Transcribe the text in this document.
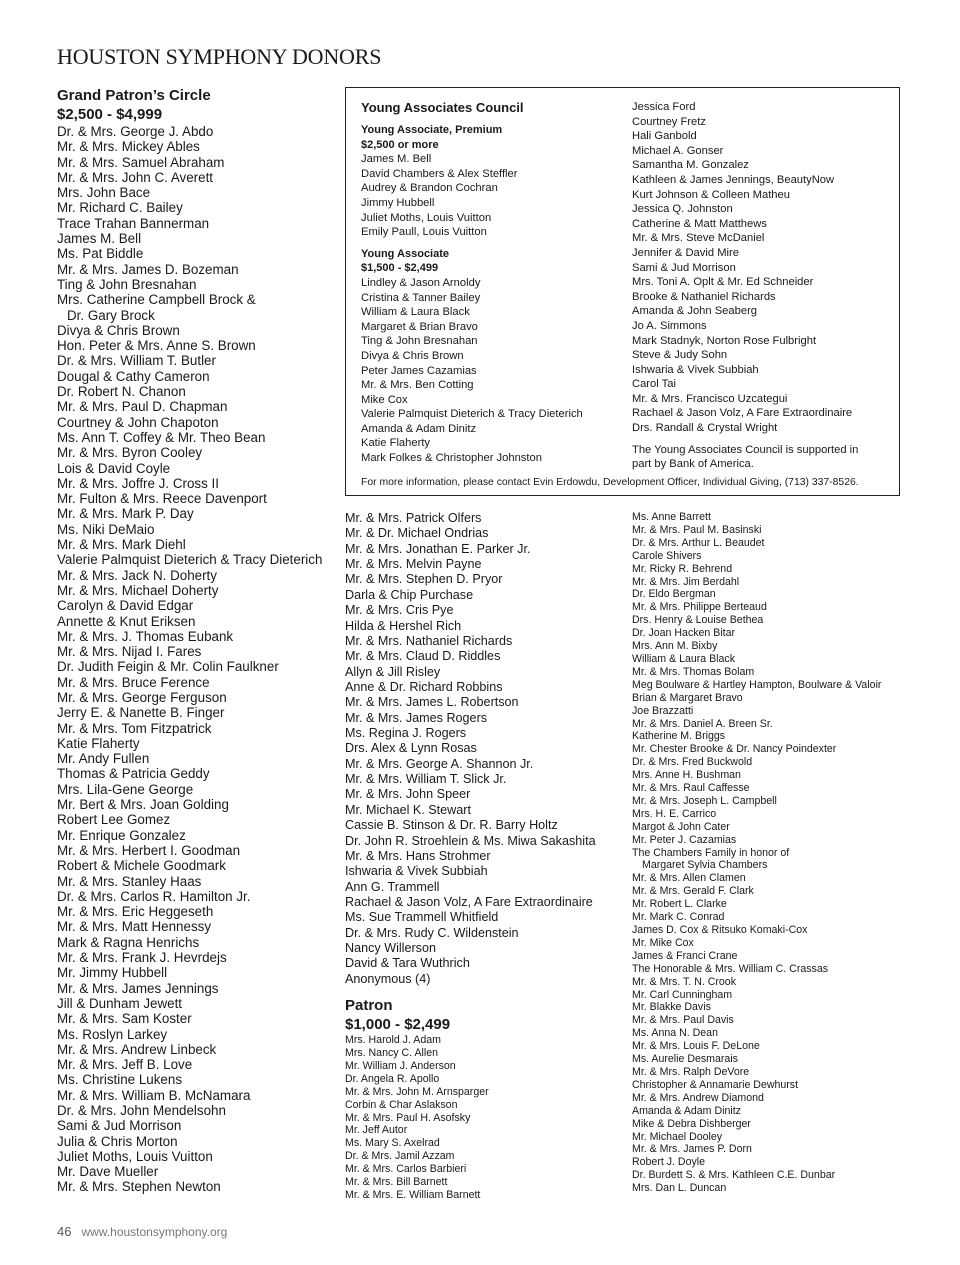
HOUSTON SYMPHONY DONORS
Grand Patron’s Circle
$2,500 - $4,999
Dr. & Mrs. George J. Abdo
Mr. & Mrs. Mickey Ables
Mr. & Mrs. Samuel Abraham
Mr. & Mrs. John C. Averett
Mrs. John Bace
Mr. Richard C. Bailey
Trace Trahan Bannerman
James M. Bell
Ms. Pat Biddle
Mr. & Mrs. James D. Bozeman
Ting & John Bresnahan
Mrs. Catherine Campbell Brock &
Dr. Gary Brock
Divya & Chris Brown
Hon. Peter & Mrs. Anne S. Brown
Dr. & Mrs. William T. Butler
Dougal & Cathy Cameron
Dr. Robert N. Chanon
Mr. & Mrs. Paul D. Chapman
Courtney & John Chapoton
Ms. Ann T. Coffey & Mr. Theo Bean
Mr. & Mrs. Byron Cooley
Lois & David Coyle
Mr. & Mrs. Joffre J. Cross II
Mr. Fulton & Mrs. Reece Davenport
Mr. & Mrs. Mark P. Day
Ms. Niki DeMaio
Mr. & Mrs. Mark Diehl
Valerie Palmquist Dieterich & Tracy Dieterich
Mr. & Mrs. Jack N. Doherty
Mr. & Mrs. Michael Doherty
Carolyn & David Edgar
Annette & Knut Eriksen
Mr. & Mrs. J. Thomas Eubank
Mr. & Mrs. Nijad I. Fares
Dr. Judith Feigin & Mr. Colin Faulkner
Mr. & Mrs. Bruce Ference
Mr. & Mrs. George Ferguson
Jerry E. & Nanette B. Finger
Mr. & Mrs. Tom Fitzpatrick
Katie Flaherty
Mr. Andy Fullen
Thomas & Patricia Geddy
Mrs. Lila-Gene George
Mr. Bert & Mrs. Joan Golding
Robert Lee Gomez
Mr. Enrique Gonzalez
Mr. & Mrs. Herbert I. Goodman
Robert & Michele Goodmark
Mr. & Mrs. Stanley Haas
Dr. & Mrs. Carlos R. Hamilton Jr.
Mr. & Mrs. Eric Heggeseth
Mr. & Mrs. Matt Hennessy
Mark & Ragna Henrichs
Mr. & Mrs. Frank J. Hevrdejs
Mr. Jimmy Hubbell
Mr. & Mrs. James Jennings
Jill & Dunham Jewett
Mr. & Mrs. Sam Koster
Ms. Roslyn Larkey
Mr. & Mrs. Andrew Linbeck
Mr. & Mrs. Jeff B. Love
Ms. Christine Lukens
Mr. & Mrs. William B. McNamara
Dr. & Mrs. John Mendelsohn
Sami & Jud Morrison
Julia & Chris Morton
Juliet Moths, Louis Vuitton
Mr. Dave Mueller
Mr. & Mrs. Stephen Newton
Young Associates Council
Young Associate, Premium
$2,500 or more
James M. Bell
David Chambers & Alex Steffler
Audrey & Brandon Cochran
Jimmy Hubbell
Juliet Moths, Louis Vuitton
Emily Paull, Louis Vuitton
Young Associate
$1,500 - $2,499
Lindley & Jason Arnoldy
Cristina & Tanner Bailey
William & Laura Black
Margaret & Brian Bravo
Ting & John Bresnahan
Divya & Chris Brown
Peter James Cazamias
Mr. & Mrs. Ben Cotting
Mike Cox
Valerie Palmquist Dieterich & Tracy Dieterich
Amanda & Adam Dinitz
Katie Flaherty
Mark Folkes & Christopher Johnston
Jessica Ford
Courtney Fretz
Hali Ganbold
Michael A. Gonser
Samantha M. Gonzalez
Kathleen & James Jennings, BeautyNow
Kurt Johnson & Colleen Matheu
Jessica Q. Johnston
Catherine & Matt Matthews
Mr. & Mrs. Steve McDaniel
Jennifer & David Mire
Sami & Jud Morrison
Mrs. Toni A. Oplt & Mr. Ed Schneider
Brooke & Nathaniel Richards
Amanda & John Seaberg
Jo A. Simmons
Mark Stadnyk, Norton Rose Fulbright
Steve & Judy Sohn
Ishwaria & Vivek Subbiah
Carol Tai
Mr. & Mrs. Francisco Uzcategui
Rachael & Jason Volz, A Fare Extraordinaire
Drs. Randall & Crystal Wright
The Young Associates Council is supported in
part by Bank of America.
For more information, please contact Evin Erdowdu, Development Officer, Individual Giving, (713) 337-8526.
Mr. & Mrs. Patrick Olfers
Mr. & Dr. Michael Ondrias
Mr. & Mrs. Jonathan E. Parker Jr.
Mr. & Mrs. Melvin Payne
Mr. & Mrs. Stephen D. Pryor
Darla & Chip Purchase
Mr. & Mrs. Cris Pye
Hilda & Hershel Rich
Mr. & Mrs. Nathaniel Richards
Mr. & Mrs. Claud D. Riddles
Allyn & Jill Risley
Anne & Dr. Richard Robbins
Mr. & Mrs. James L. Robertson
Mr. & Mrs. James Rogers
Ms. Regina J. Rogers
Drs. Alex & Lynn Rosas
Mr. & Mrs. George A. Shannon Jr.
Mr. & Mrs. William T. Slick Jr.
Mr. & Mrs. John Speer
Mr. Michael K. Stewart
Cassie B. Stinson & Dr. R. Barry Holtz
Dr. John R. Stroehlein & Ms. Miwa Sakashita
Mr. & Mrs. Hans Strohmer
Ishwaria & Vivek Subbiah
Ann G. Trammell
Rachael & Jason Volz, A Fare Extraordinaire
Ms. Sue Trammell Whitfield
Dr. & Mrs. Rudy C. Wildenstein
Nancy Willerson
David & Tara Wuthrich
Anonymous (4)
Patron
$1,000 - $2,499
Mrs. Harold J. Adam
Mrs. Nancy C. Allen
Mr. William J. Anderson
Dr. Angela R. Apollo
Mr. & Mrs. John M. Arnsparger
Corbin & Char Aslakson
Mr. & Mrs. Paul H. Asofsky
Mr. Jeff Autor
Ms. Mary S. Axelrad
Dr. & Mrs. Jamil Azzam
Mr. & Mrs. Carlos Barbieri
Mr. & Mrs. Bill Barnett
Mr. & Mrs. E. William Barnett
Ms. Anne Barrett
Mr. & Mrs. Paul M. Basinski
Dr. & Mrs. Arthur L. Beaudet
Carole Shivers
Mr. Ricky R. Behrend
Mr. & Mrs. Jim Berdahl
Dr. Eldo Bergman
Mr. & Mrs. Philippe Berteaud
Drs. Henry & Louise Bethea
Dr. Joan Hacken Bitar
Mrs. Ann M. Bixby
William & Laura Black
Mr. & Mrs. Thomas Bolam
Meg Boulware & Hartley Hampton, Boulware & Valoir
Brian & Margaret Bravo
Joe Brazzatti
Mr. & Mrs. Daniel A. Breen Sr.
Katherine M. Briggs
Mr. Chester Brooke & Dr. Nancy Poindexter
Dr. & Mrs. Fred Buckwold
Mrs. Anne H. Bushman
Mr. & Mrs. Raul Caffesse
Mr. & Mrs. Joseph L. Campbell
Mrs. H. E. Carrico
Margot & John Cater
Mr. Peter J. Cazamias
The Chambers Family in honor of
Margaret Sylvia Chambers
Mr. & Mrs. Allen Clamen
Mr. & Mrs. Gerald F. Clark
Mr. Robert L. Clarke
Mr. Mark C. Conrad
James D. Cox & Ritsuko Komaki-Cox
Mr. Mike Cox
James & Franci Crane
The Honorable & Mrs. William C. Crassas
Mr. & Mrs. T. N. Crook
Mr. Carl Cunningham
Mr. Blakke Davis
Mr. & Mrs. Paul Davis
Ms. Anna N. Dean
Mr. & Mrs. Louis F. DeLone
Ms. Aurelie Desmarais
Mr. & Mrs. Ralph DeVore
Christopher & Annamarie Dewhurst
Mr. & Mrs. Andrew Diamond
Amanda & Adam Dinitz
Mike & Debra Dishberger
Mr. Michael Dooley
Mr. & Mrs. James P. Dorn
Robert J. Doyle
Dr. Burdett S. & Mrs. Kathleen C.E. Dunbar
Mrs. Dan L. Duncan
46 www.houstonsymphony.org
